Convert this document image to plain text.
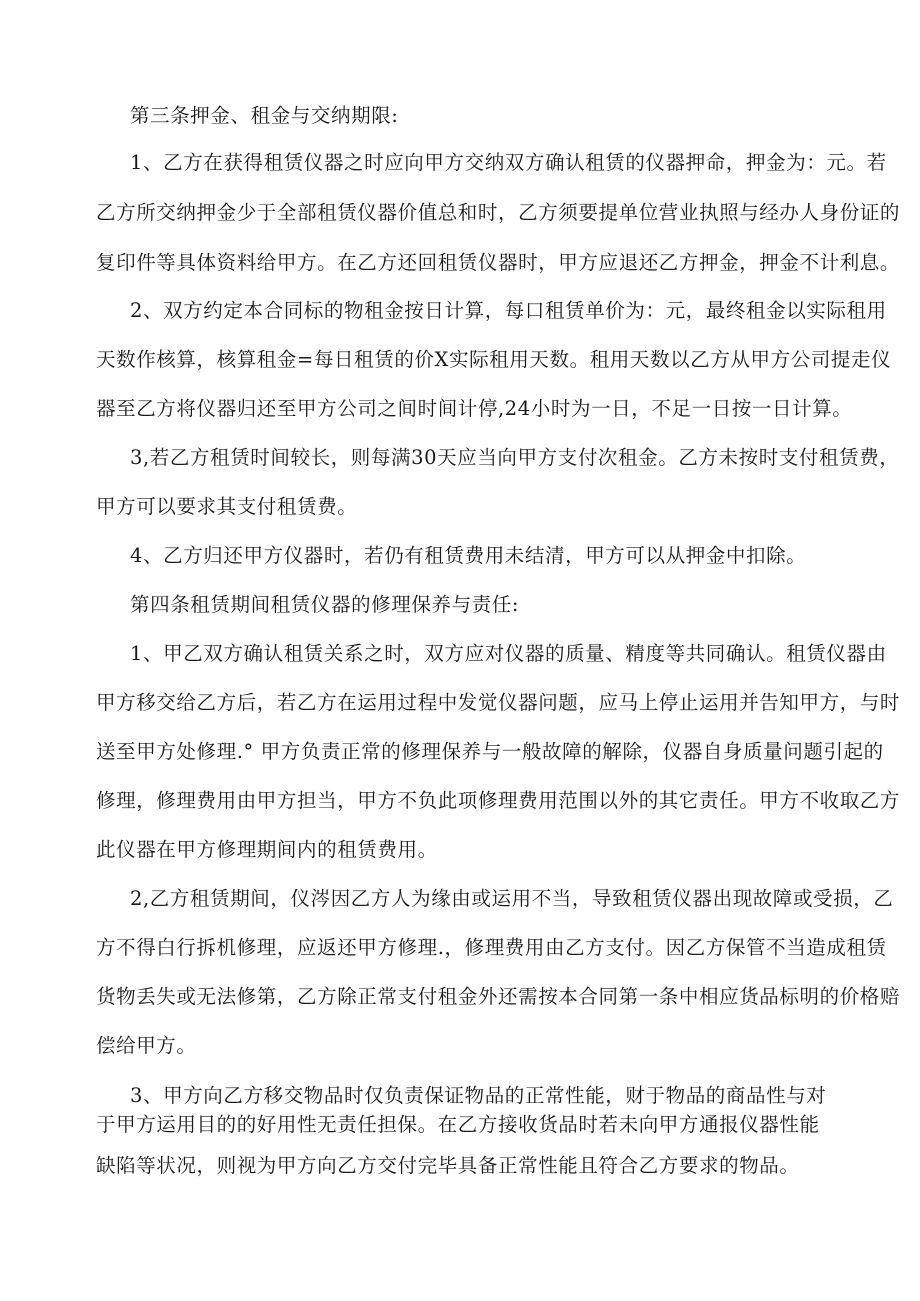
第三条押金、租金与交纳期限:
1、乙方在获得租赁仪器之时应向甲方交纳双方确认租赁的仪器押命，押金为：元。若
乙方所交纳押金少于全部租赁仪器价值总和时，乙方须要提单位营业执照与经办人身份证的
复印件等具体资料给甲方。在乙方还回租赁仪器时，甲方应退还乙方押金，押金不计利息。
2、双方约定本合同标的物租金按日计算，每口租赁单价为：元，最终租金以实际租用
天数作核算，核算租金=每日租赁的价X实际租用天数。租用天数以乙方从甲方公司提走仪
器至乙方将仪器归还至甲方公司之间时间计停,24小时为一日，不足一日按一日计算。
3,若乙方租赁时间较长，则每满30天应当向甲方支付次租金。乙方未按时支付租赁费，
甲方可以要求其支付租赁费。
4、乙方归还甲方仪器时，若仍有租赁费用未结清，甲方可以从押金中扣除。
第四条租赁期间租赁仪器的修理保养与责任:
1、甲乙双方确认租赁关系之时，双方应对仪器的质量、精度等共同确认。租赁仪器由
甲方移交给乙方后，若乙方在运用过程中发觉仪器问题，应马上停止运用并告知甲方，与时
送至甲方处修理.° 甲方负责正常的修理保养与一般故障的解除，仪器自身质量问题引起的
修理，修理费用由甲方担当，甲方不负此项修理费用范围以外的其它责任。甲方不收取乙方
此仪器在甲方修理期间内的租赁费用。
2,乙方租赁期间，仪涔因乙方人为缘由或运用不当，导致租赁仪器出现故障或受损，乙
方不得白行拆机修理，应返还甲方修理.，修理费用由乙方支付。因乙方保管不当造成租赁
货物丢失或无法修第，乙方除正常支付租金外还需按本合同第一条中相应货品标明的价格赔
偿给甲方。
3、甲方向乙方移交物品时仅负责保证物品的正常性能，财于物品的商品性与对
于甲方运用目的的好用性无责任担保。在乙方接收货品时若未向甲方通报仪器性能
缺陷等状况，则视为甲方向乙方交付完毕具备正常性能且符合乙方要求的物品。
